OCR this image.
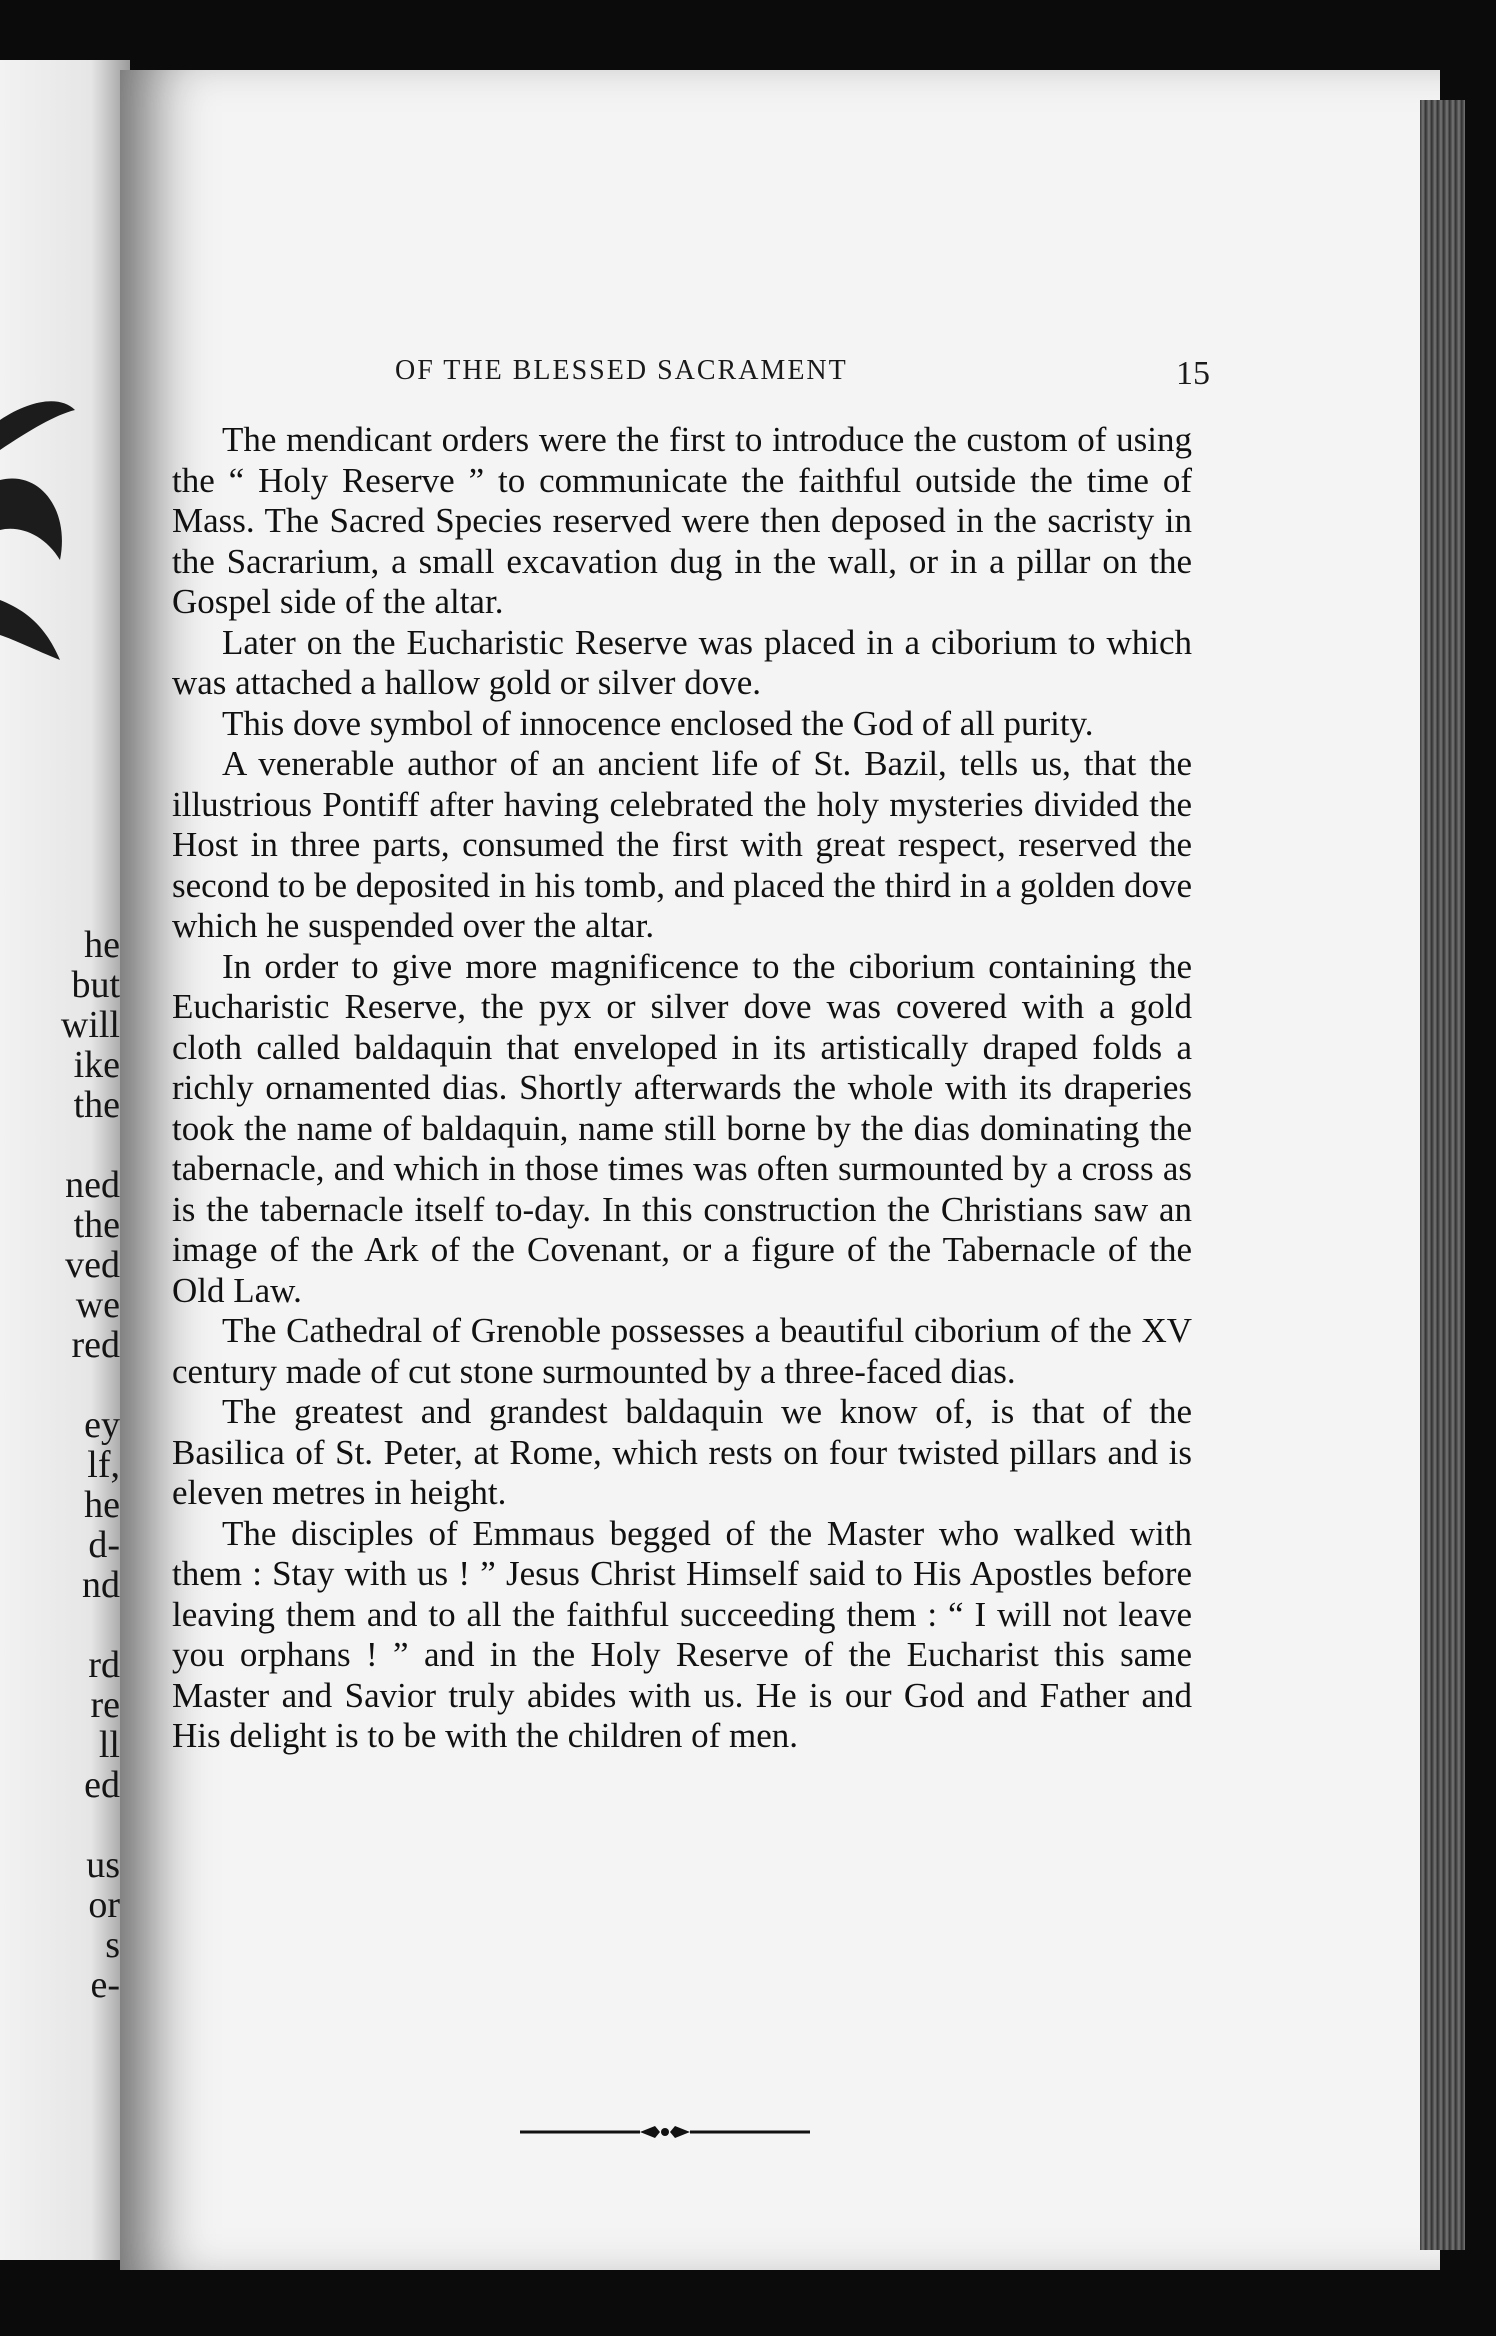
he
but
will
ike
the
ned
the
ved
we
red
ey
lf,
he
d-
nd
rd
re
ll
ed
us
or
s
e-
OF THE BLESSED SACRAMENT	15

The mendicant orders were the first to introduce the custom of using the “ Holy Reserve ” to communicate the faithful outside the time of Mass. The Sacred Species reserved were then deposed in the sacristy in the Sacrarium, a small excavation dug in the wall, or in a pillar on the Gospel side of the altar.

Later on the Eucharistic Reserve was placed in a ciborium to which was attached a hallow gold or silver dove.

This dove symbol of innocence enclosed the God of all purity.

A venerable author of an ancient life of St. Bazil, tells us, that the illustrious Pontiff after having celebrated the holy mysteries divided the Host in three parts, consumed the first with great respect, reserved the second to be deposited in his tomb, and placed the third in a golden dove which he suspended over the altar.

In order to give more magnificence to the ciborium containing the Eucharistic Reserve, the pyx or silver dove was covered with a gold cloth called baldaquin that enveloped in its artistically draped folds a richly ornamented dias. Shortly afterwards the whole with its draperies took the name of baldaquin, name still borne by the dias dominating the tabernacle, and which in those times was often surmounted by a cross as is the tabernacle itself to-day. In this construction the Christians saw an image of the Ark of the Covenant, or a figure of the Tabernacle of the Old Law.

The Cathedral of Grenoble possesses a beautiful ciborium of the XV century made of cut stone surmounted by a three-faced dias.

The greatest and grandest baldaquin we know of, is that of the Basilica of St. Peter, at Rome, which rests on four twisted pillars and is eleven metres in height.

The disciples of Emmaus begged of the Master who walked with them : Stay with us ! ” Jesus Christ Himself said to His Apostles before leaving them and to all the faithful succeeding them : “ I will not leave you orphans ! ” and in the Holy Reserve of the Eucharist this same Master and Savior truly abides with us. He is our God and Father and His delight is to be with the children of men.
